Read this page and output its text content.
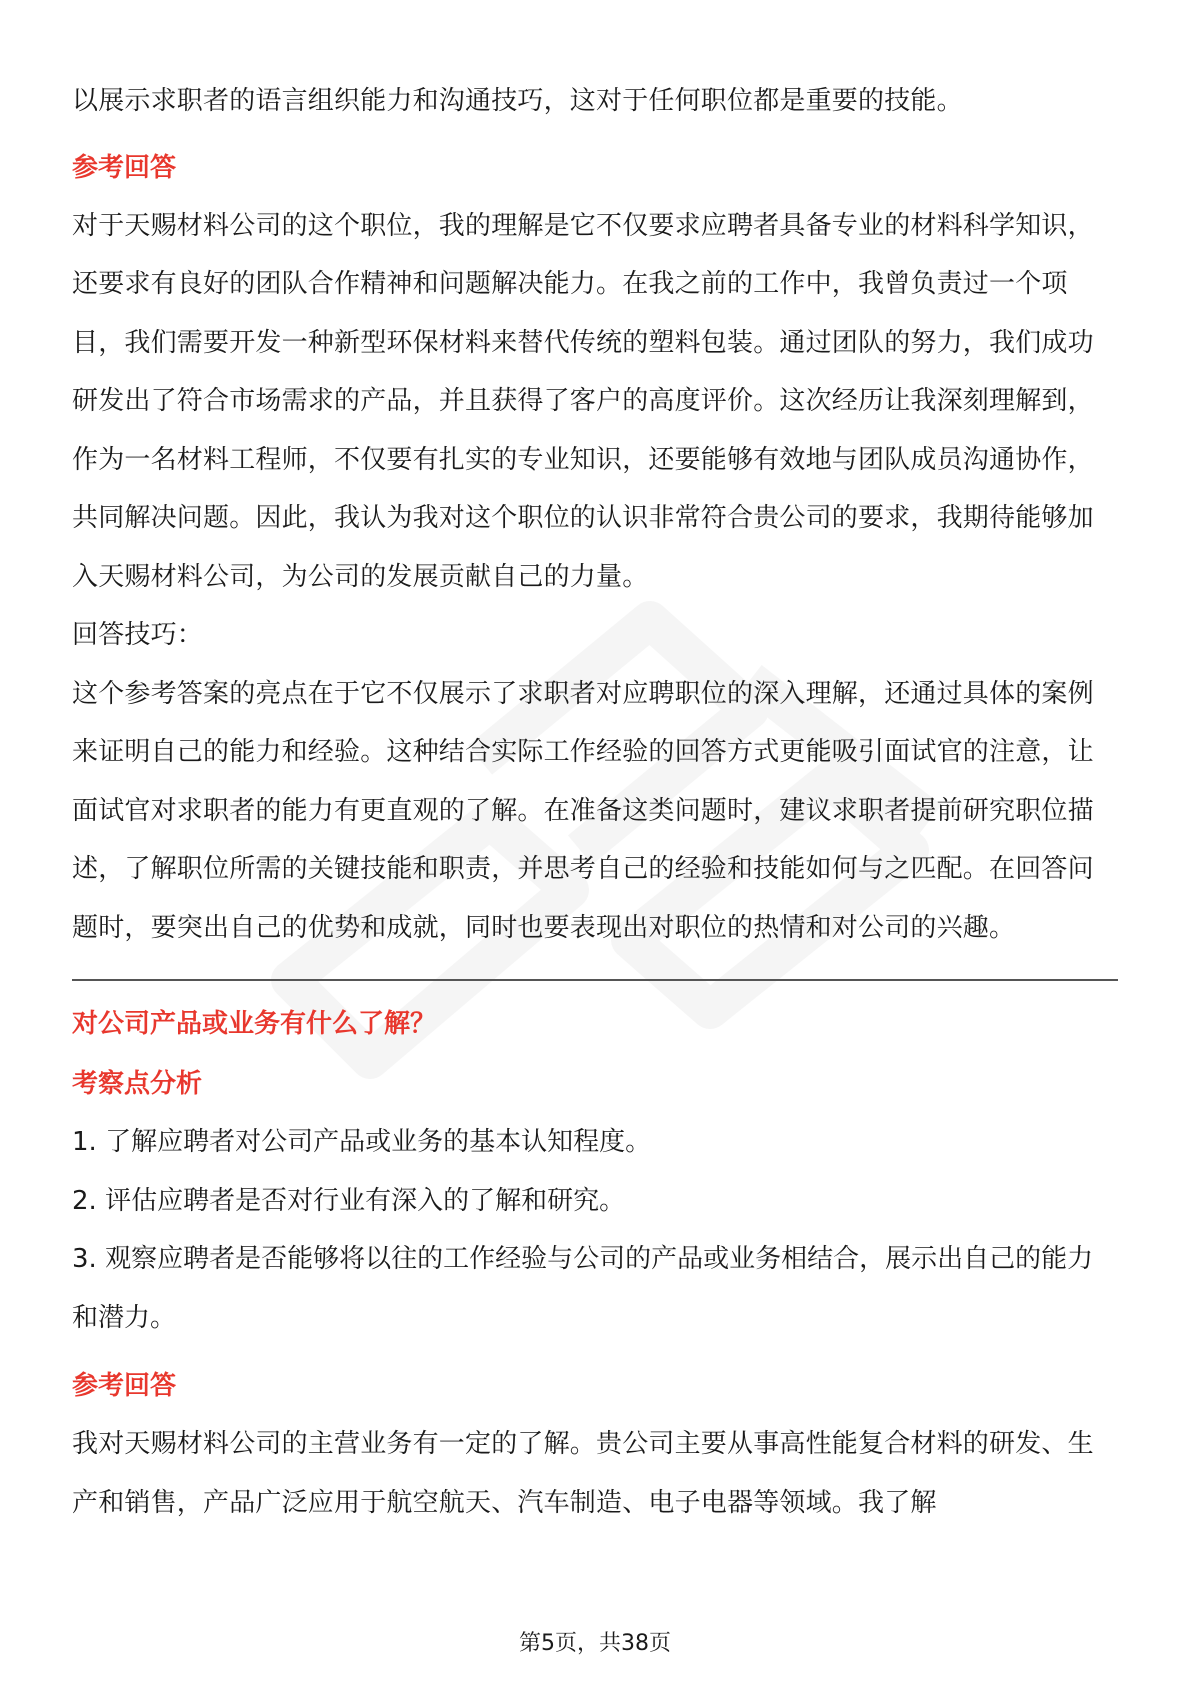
以展示求职者的语言组织能力和沟通技巧，这对于任何职位都是重要的技能。

参考回答

对于天赐材料公司的这个职位，我的理解是它不仅要求应聘者具备专业的材料科学知识，还要求有良好的团队合作精神和问题解决能力。在我之前的工作中，我曾负责过一个项目，我们需要开发一种新型环保材料来替代传统的塑料包装。通过团队的努力，我们成功研发出了符合市场需求的产品，并且获得了客户的高度评价。这次经历让我深刻理解到，作为一名材料工程师，不仅要有扎实的专业知识，还要能够有效地与团队成员沟通协作，共同解决问题。因此，我认为我对这个职位的认识非常符合贵公司的要求，我期待能够加入天赐材料公司，为公司的发展贡献自己的力量。

回答技巧：

这个参考答案的亮点在于它不仅展示了求职者对应聘职位的深入理解，还通过具体的案例来证明自己的能力和经验。这种结合实际工作经验的回答方式更能吸引面试官的注意，让面试官对求职者的能力有更直观的了解。在准备这类问题时，建议求职者提前研究职位描述，了解职位所需的关键技能和职责，并思考自己的经验和技能如何与之匹配。在回答问题时，要突出自己的优势和成就，同时也要表现出对职位的热情和对公司的兴趣。

对公司产品或业务有什么了解？
考察点分析

1. 了解应聘者对公司产品或业务的基本认知程度。

2. 评估应聘者是否对行业有深入的了解和研究。

3. 观察应聘者是否能够将以往的工作经验与公司的产品或业务相结合，展示出自己的能力和潜力。

参考回答

我对天赐材料公司的主营业务有一定的了解。贵公司主要从事高性能复合材料的研发、生产和销售，产品广泛应用于航空航天、汽车制造、电子电器等领域。我了解

第5页，共38页
